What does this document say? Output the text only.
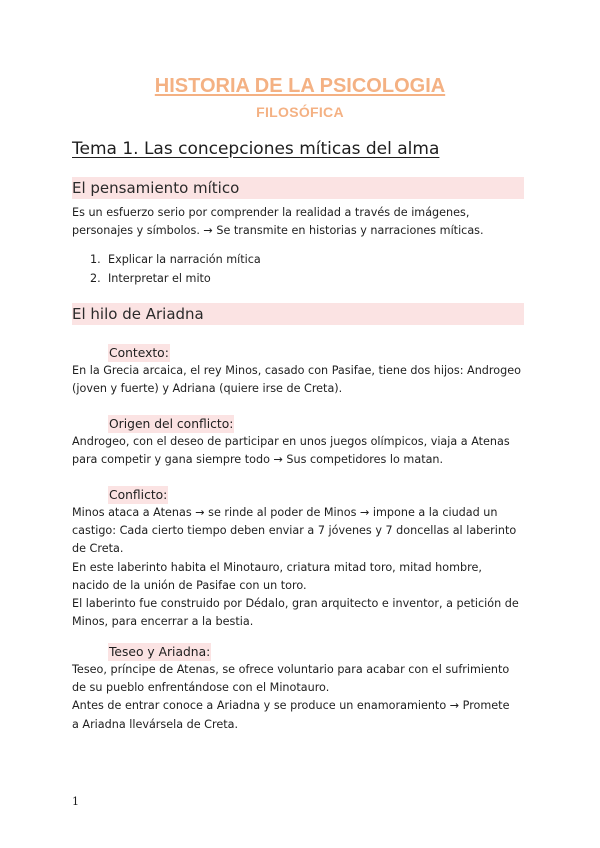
HISTORIA DE LA PSICOLOGIA
FILOSÓFICA
Tema 1. Las concepciones míticas del alma
El pensamiento mítico
Es un esfuerzo serio por comprender la realidad a través de imágenes,
personajes y símbolos. → Se transmite en historias y narraciones míticas.
1. Explicar la narración mítica
2. Interpretar el mito
El hilo de Ariadna
Contexto:
En la Grecia arcaica, el rey Minos, casado con Pasifae, tiene dos hijos: Androgeo
(joven y fuerte) y Adriana (quiere irse de Creta).
Origen del conflicto:
Androgeo, con el deseo de participar en unos juegos olímpicos, viaja a Atenas
para competir y gana siempre todo → Sus competidores lo matan.
Conflicto:
Minos ataca a Atenas → se rinde al poder de Minos → impone a la ciudad un
castigo: Cada cierto tiempo deben enviar a 7 jóvenes y 7 doncellas al laberinto
de Creta.
En este laberinto habita el Minotauro, criatura mitad toro, mitad hombre,
nacido de la unión de Pasifae con un toro.
El laberinto fue construido por Dédalo, gran arquitecto e inventor, a petición de
Minos, para encerrar a la bestia.
Teseo y Ariadna:
Teseo, príncipe de Atenas, se ofrece voluntario para acabar con el sufrimiento
de su pueblo enfrentándose con el Minotauro.
Antes de entrar conoce a Ariadna y se produce un enamoramiento → Promete
a Ariadna llevársela de Creta.
1
